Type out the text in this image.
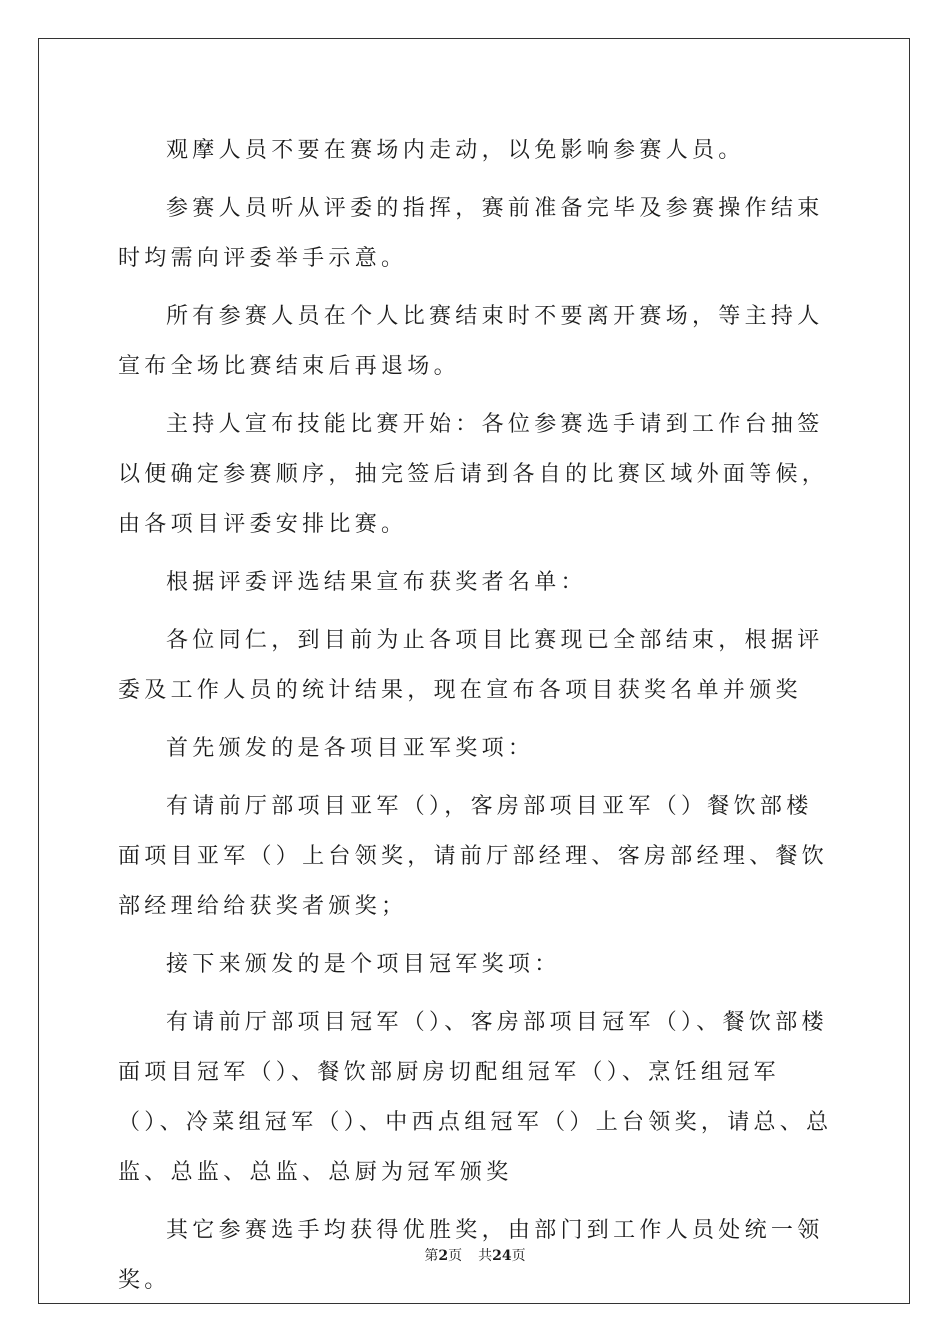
观摩人员不要在赛场内走动，以免影响参赛人员。

参赛人员听从评委的指挥，赛前准备完毕及参赛操作结束时均需向评委举手示意。

所有参赛人员在个人比赛结束时不要离开赛场，等主持人宣布全场比赛结束后再退场。

主持人宣布技能比赛开始：各位参赛选手请到工作台抽签以便确定参赛顺序，抽完签后请到各自的比赛区域外面等候，由各项目评委安排比赛。

根据评委评选结果宣布获奖者名单：

各位同仁，到目前为止各项目比赛现已全部结束，根据评委及工作人员的统计结果，现在宣布各项目获奖名单并颁奖

首先颁发的是各项目亚军奖项：

有请前厅部项目亚军（），客房部项目亚军（）餐饮部楼面项目亚军（）上台领奖，请前厅部经理、客房部经理、餐饮部经理给给获奖者颁奖；

接下来颁发的是个项目冠军奖项：

有请前厅部项目冠军（）、客房部项目冠军（）、餐饮部楼面项目冠军（）、餐饮部厨房切配组冠军（）、烹饪组冠军（）、冷菜组冠军（）、中西点组冠军（）上台领奖，请总、总监、总监、总监、总厨为冠军颁奖

其它参赛选手均获得优胜奖，由部门到工作人员处统一领奖。

第2页 共24页
